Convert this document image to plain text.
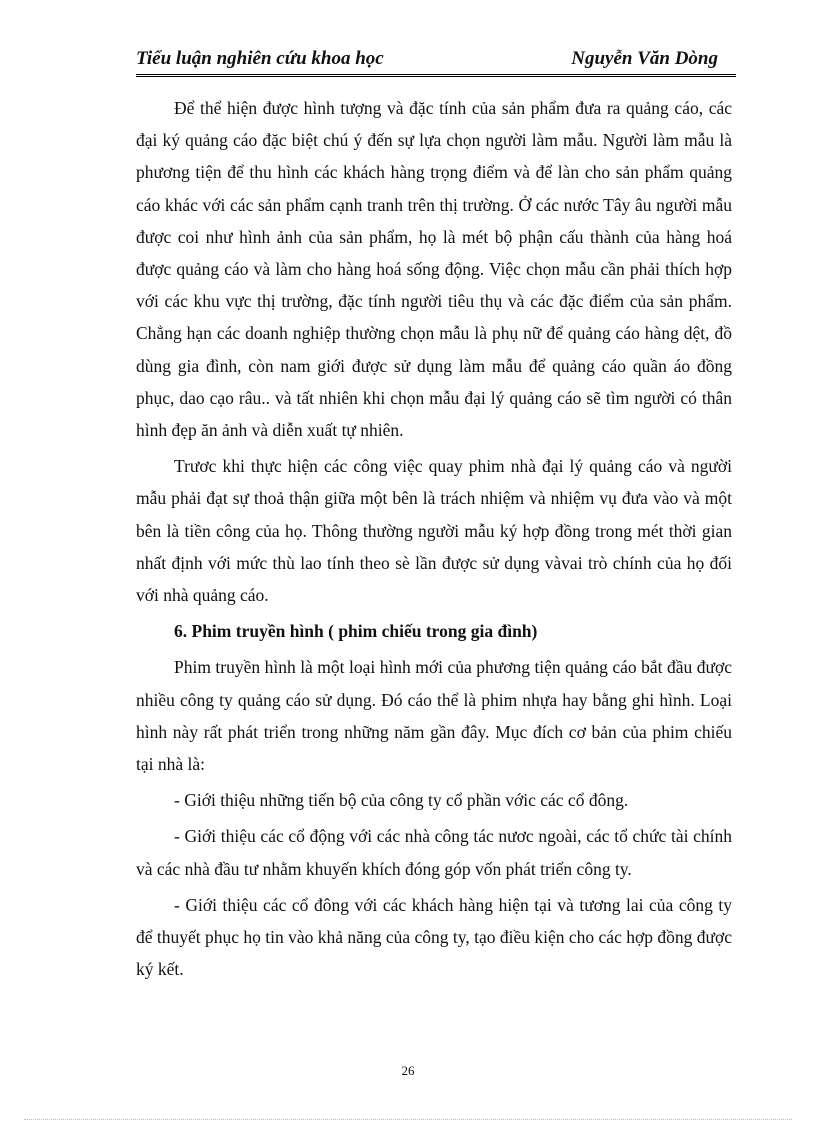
Tiểu luận nghiên cứu khoa học	Nguyễn Văn Dòng

Để thể hiện được hình tượng và đặc tính của sản phẩm đưa ra quảng cáo, các đại ký quảng cáo đặc biệt chú ý đến sự lựa chọn người làm mẫu. Người làm mẫu là phương tiện để thu hình các khách hàng trọng điểm và để làn cho sản phẩm quảng cáo khác với các sản phẩm cạnh tranh trên thị trường. Ở các nước Tây âu người mẫu được coi như hình ảnh của sản phẩm, họ là mét bộ phận cấu thành của hàng hoá được quảng cáo và làm cho hàng hoá sống động. Việc chọn mẫu cần phải thích hợp với các khu vực thị trường, đặc tính người tiêu thụ và các đặc điểm của sản phẩm. Chẳng hạn các doanh nghiệp thường chọn mẫu là phụ nữ để quảng cáo hàng dệt, đồ dùng gia đình, còn nam giới được sử dụng làm mẫu để quảng cáo quần áo đồng phục, dao cạo râu.. và tất nhiên khi chọn mẫu đại lý quảng cáo sẽ tìm người có thân hình đẹp ăn ảnh và diễn xuất tự nhiên.

Trươc khi thực hiện các công việc quay phim nhà đại lý quảng cáo và người mẫu phải đạt sự thoả thận giữa một bên là trách nhiệm và nhiệm vụ đưa vào và một bên là tiền công của họ. Thông thường người mẫu ký hợp đồng trong mét thời gian nhất định với mức thù lao tính theo sè lần được sử dụng vàvai trò chính của họ đối với nhà quảng cáo.

6. Phim truyền hình ( phim chiếu trong gia đình)

Phim truyền hình là một loại hình mới của phương tiện quảng cáo bắt đầu được nhiều công ty quảng cáo sử dụng. Đó cáo thể là phim nhựa hay bằng ghi hình. Loại hình này rất phát triển trong những năm gần đây. Mục đích cơ bản của phim chiếu tại nhà là:

- Giới thiệu những tiến bộ của công ty cổ phần vớic các cổ đông.

- Giới thiệu các cổ động với các nhà công tác nươc ngoài, các tổ chức tài chính và các nhà đầu tư nhằm khuyến khích đóng góp vốn phát triển công ty.

- Giới thiệu các cổ đông với các khách hàng hiện tại và tương lai của công ty để thuyết phục họ tin vào khả năng của công ty, tạo điều kiện cho các hợp đồng được ký kết.

26
